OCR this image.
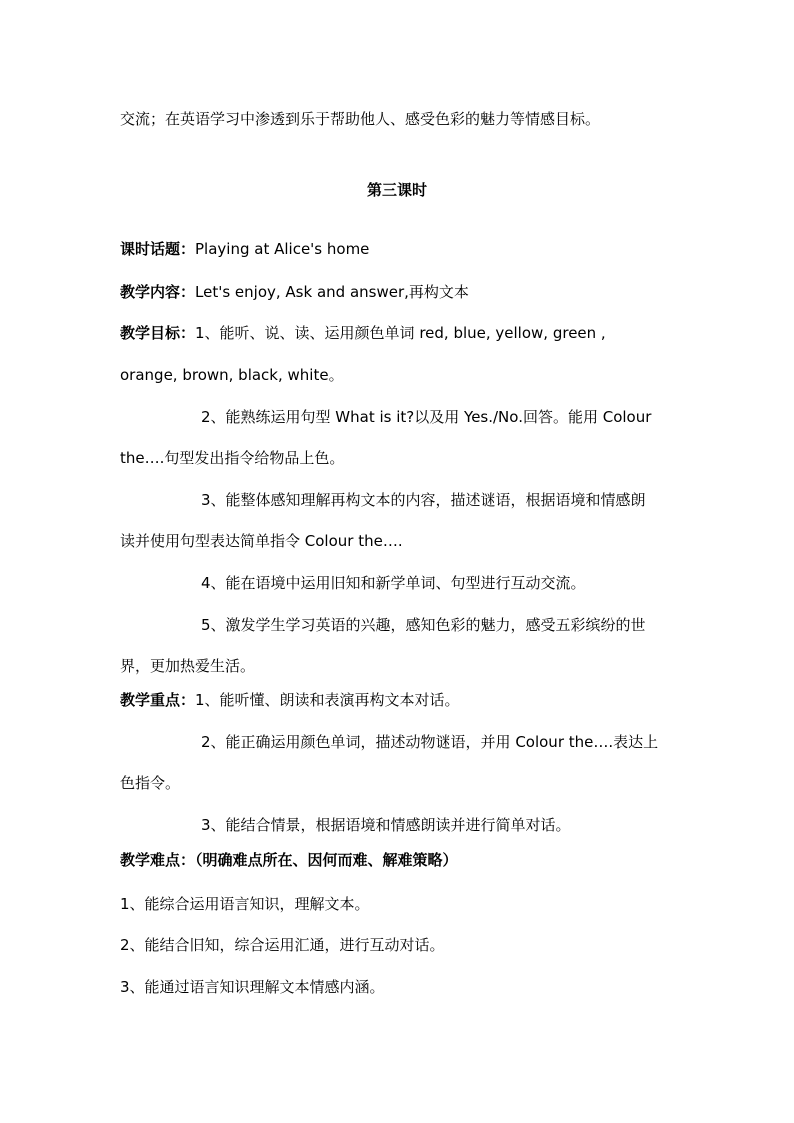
交流；在英语学习中渗透到乐于帮助他人、感受色彩的魅力等情感目标。
第三课时
课时话题：Playing at Alice's home
教学内容：Let's enjoy, Ask and answer,再构文本
教学目标：1、能听、说、读、运用颜色单词 red, blue, yellow, green ,
orange, brown, black, white。
2、能熟练运用句型 What is it?以及用 Yes./No.回答。能用 Colour
the….句型发出指令给物品上色。
3、能整体感知理解再构文本的内容，描述谜语，根据语境和情感朗
读并使用句型表达简单指令 Colour the….
4、能在语境中运用旧知和新学单词、句型进行互动交流。
5、激发学生学习英语的兴趣，感知色彩的魅力，感受五彩缤纷的世
界，更加热爱生活。
教学重点：1、能听懂、朗读和表演再构文本对话。
2、能正确运用颜色单词，描述动物谜语，并用 Colour the….表达上
色指令。
3、能结合情景，根据语境和情感朗读并进行简单对话。
教学难点：（明确难点所在、因何而难、解难策略）
1、能综合运用语言知识，理解文本。
2、能结合旧知，综合运用汇通，进行互动对话。
3、能通过语言知识理解文本情感内涵。
